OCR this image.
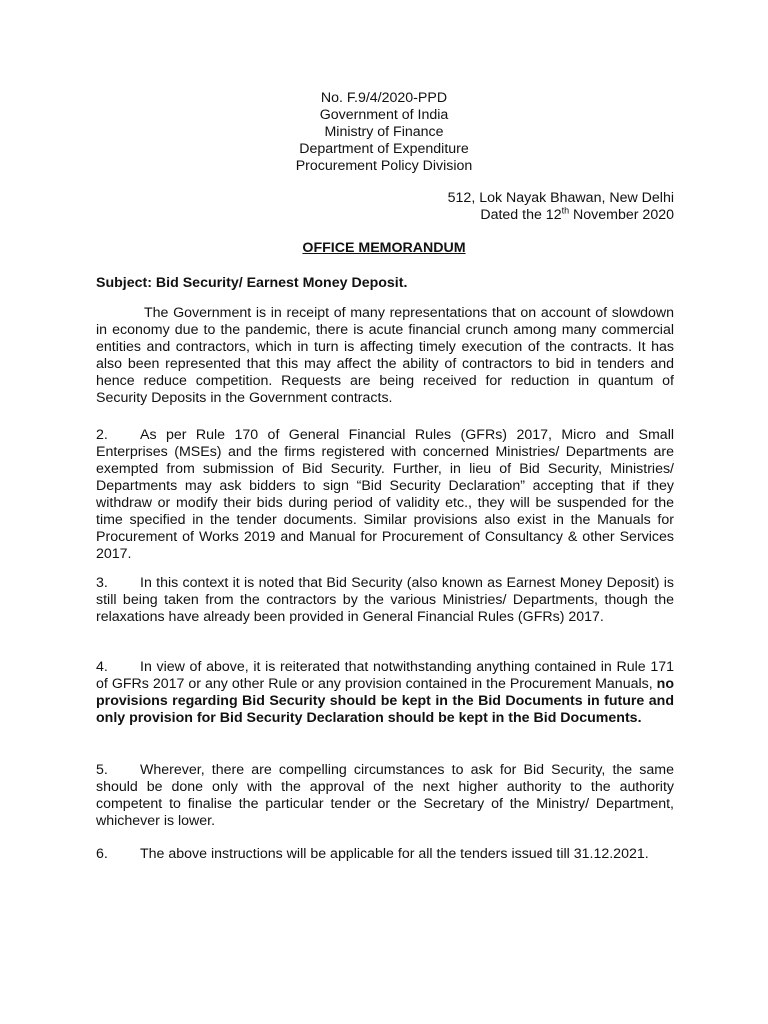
No. F.9/4/2020-PPD
Government of India
Ministry of Finance
Department of Expenditure
Procurement Policy Division
512, Lok Nayak Bhawan, New Delhi
Dated the 12th November 2020
OFFICE MEMORANDUM
Subject: Bid Security/ Earnest Money Deposit.
The Government is in receipt of many representations that on account of slowdown in economy due to the pandemic, there is acute financial crunch among many commercial entities and contractors, which in turn is affecting timely execution of the contracts. It has also been represented that this may affect the ability of contractors to bid in tenders and hence reduce competition. Requests are being received for reduction in quantum of Security Deposits in the Government contracts.
2. As per Rule 170 of General Financial Rules (GFRs) 2017, Micro and Small Enterprises (MSEs) and the firms registered with concerned Ministries/ Departments are exempted from submission of Bid Security. Further, in lieu of Bid Security, Ministries/ Departments may ask bidders to sign “Bid Security Declaration” accepting that if they withdraw or modify their bids during period of validity etc., they will be suspended for the time specified in the tender documents. Similar provisions also exist in the Manuals for Procurement of Works 2019 and Manual for Procurement of Consultancy & other Services 2017.
3. In this context it is noted that Bid Security (also known as Earnest Money Deposit) is still being taken from the contractors by the various Ministries/ Departments, though the relaxations have already been provided in General Financial Rules (GFRs) 2017.
4. In view of above, it is reiterated that notwithstanding anything contained in Rule 171 of GFRs 2017 or any other Rule or any provision contained in the Procurement Manuals, no provisions regarding Bid Security should be kept in the Bid Documents in future and only provision for Bid Security Declaration should be kept in the Bid Documents.
5. Wherever, there are compelling circumstances to ask for Bid Security, the same should be done only with the approval of the next higher authority to the authority competent to finalise the particular tender or the Secretary of the Ministry/ Department, whichever is lower.
6. The above instructions will be applicable for all the tenders issued till 31.12.2021.
